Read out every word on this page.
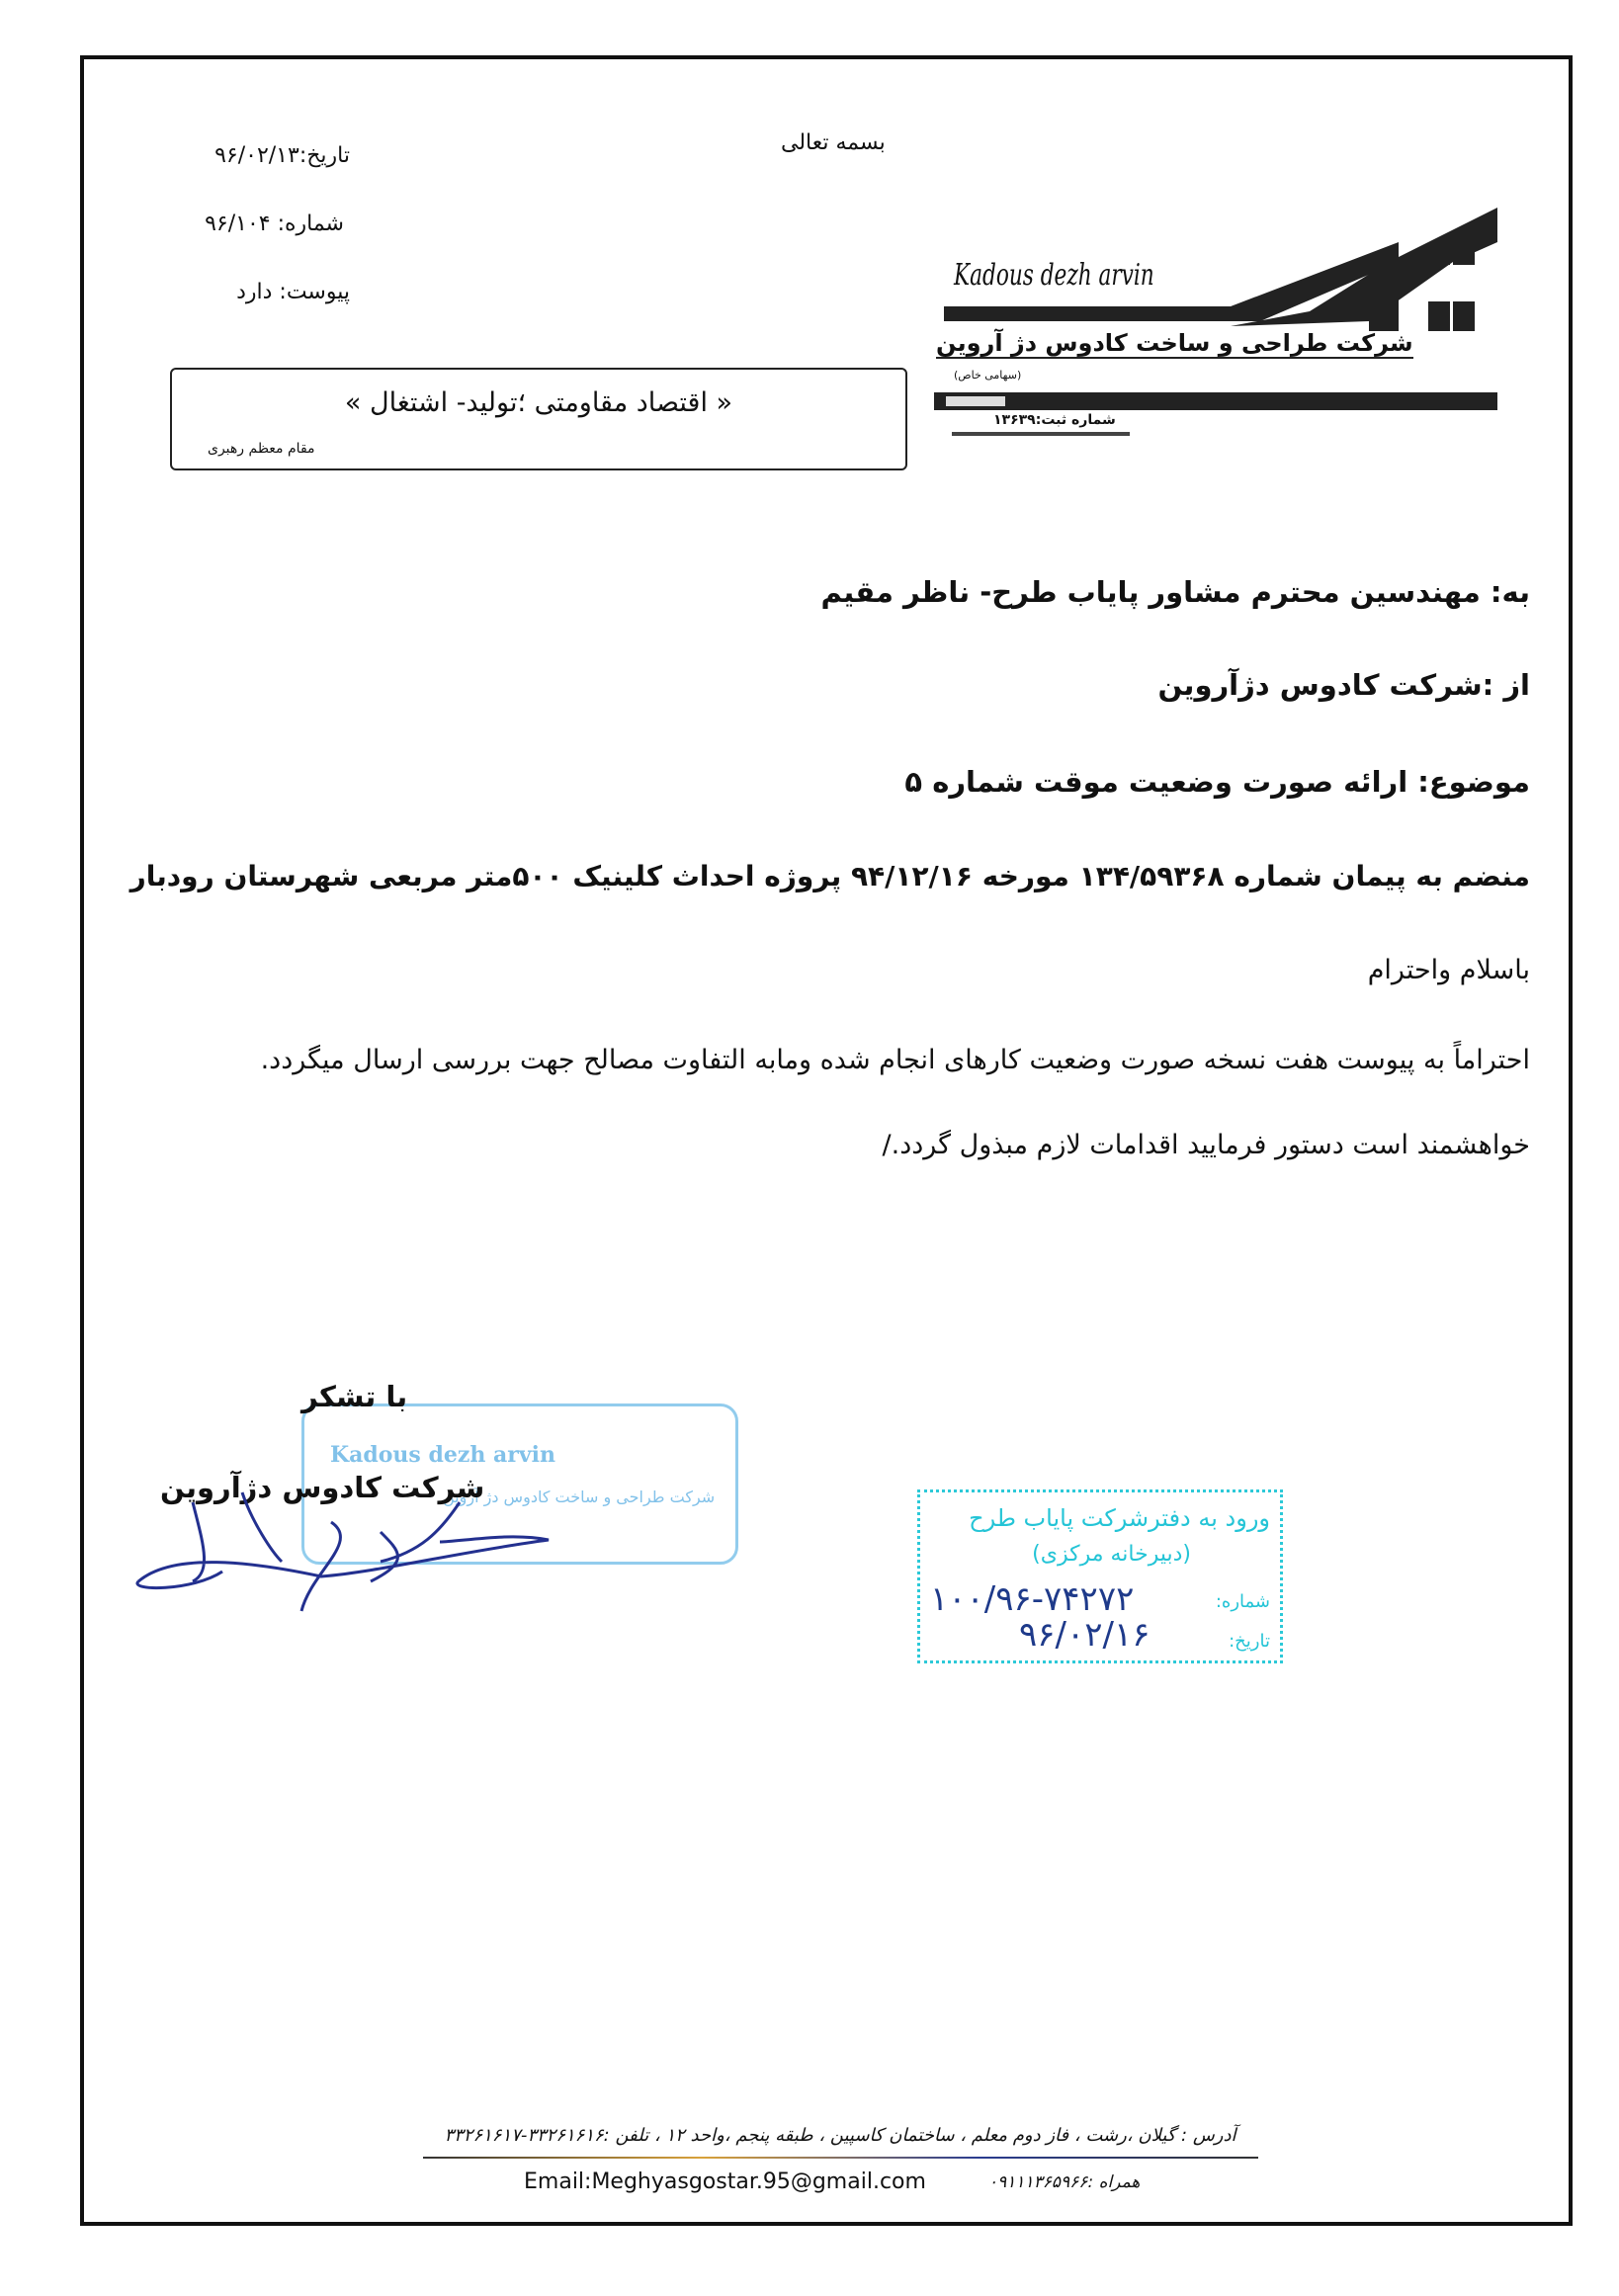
بسمه تعالی
تاریخ:۹۶/۰۲/۱۳
شماره: ۹۶/۱۰۴
پیوست: دارد
« اقتصاد مقاومتی ؛تولید- اشتغال »
مقام معظم رهبری
Kadous dezh arvin
شرکت طراحی و ساخت کادوس دژ آروین
(سهامی خاص)
شماره ثبت:۱۳۶۳۹
به: مهندسین محترم مشاور پایاب طرح- ناظر مقیم
از :شرکت کادوس دژآروین
موضوع: ارائه صورت وضعیت موقت شماره ۵
منضم به پیمان شماره ۱۳۴/۵۹۳۶۸ مورخه ۹۴/۱۲/۱۶ پروژه احداث کلینیک ۵۰۰متر مربعی شهرستان رودبار
باسلام واحترام
احتراماً به پیوست هفت نسخه صورت وضعیت کارهای انجام شده ومابه التفاوت مصالح جهت بررسی ارسال میگردد.
خواهشمند است دستور فرمایید اقدامات لازم مبذول گردد./
Kadous dezh arvin
شرکت طراحی و ساخت کادوس دژ آروین
با تشکر
شرکت کادوس دژآروین
ورود به دفترشرکت پایاب طرح
(دبیرخانه مرکزی)
شماره:
۱۰۰/۹۶-۷۴۲۷۲
تاریخ:
۹۶/۰۲/۱۶
آدرس : گیلان ،رشت ، فاز دوم معلم ، ساختمان کاسپین ، طبقه پنجم ،واحد ۱۲ ، تلفن :۳۳۲۶۱۶۱۶-۳۳۲۶۱۶۱۷
Email:Meghyasgostar.95@gmail.com	همراه :۰۹۱۱۱۳۶۵۹۶۶
